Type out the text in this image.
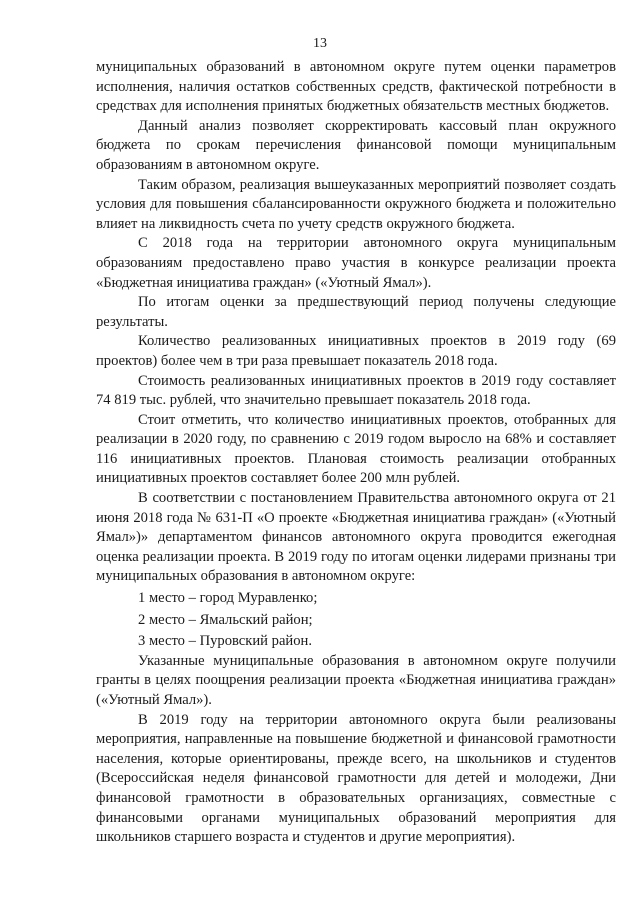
13

муниципальных образований в автономном округе путем оценки параметров исполнения, наличия остатков собственных средств, фактической потребности в средствах для исполнения принятых бюджетных обязательств местных бюджетов.

Данный анализ позволяет скорректировать кассовый план окружного бюджета по срокам перечисления финансовой помощи муниципальным образованиям в автономном округе.

Таким образом, реализация вышеуказанных мероприятий позволяет создать условия для повышения сбалансированности окружного бюджета и положительно влияет на ликвидность счета по учету средств окружного бюджета.

С 2018 года на территории автономного округа муниципальным образованиям предоставлено право участия в конкурсе реализации проекта «Бюджетная инициатива граждан» («Уютный Ямал»).

По итогам оценки за предшествующий период получены следующие результаты.

Количество реализованных инициативных проектов в 2019 году (69 проектов) более чем в три раза превышает показатель 2018 года.

Стоимость реализованных инициативных проектов в 2019 году составляет 74 819 тыс. рублей, что значительно превышает показатель 2018 года.

Стоит отметить, что количество инициативных проектов, отобранных для реализации в 2020 году, по сравнению с 2019 годом выросло на 68% и составляет 116 инициативных проектов. Плановая стоимость реализации отобранных инициативных проектов составляет более 200 млн рублей.

В соответствии с постановлением Правительства автономного округа от 21 июня 2018 года № 631-П «О проекте «Бюджетная инициатива граждан» («Уютный Ямал»)» департаментом финансов автономного округа проводится ежегодная оценка реализации проекта. В 2019 году по итогам оценки лидерами признаны три муниципальных образования в автономном округе:

1 место – город Муравленко;

2 место – Ямальский район;

3 место – Пуровский район.

Указанные муниципальные образования в автономном округе получили гранты в целях поощрения реализации проекта «Бюджетная инициатива граждан» («Уютный Ямал»).

В 2019 году на территории автономного округа были реализованы мероприятия, направленные на повышение бюджетной и финансовой грамотности населения, которые ориентированы, прежде всего, на школьников и студентов (Всероссийская неделя финансовой грамотности для детей и молодежи, Дни финансовой грамотности в образовательных организациях, совместные с финансовыми органами муниципальных образований мероприятия для школьников старшего возраста и студентов и другие мероприятия).
